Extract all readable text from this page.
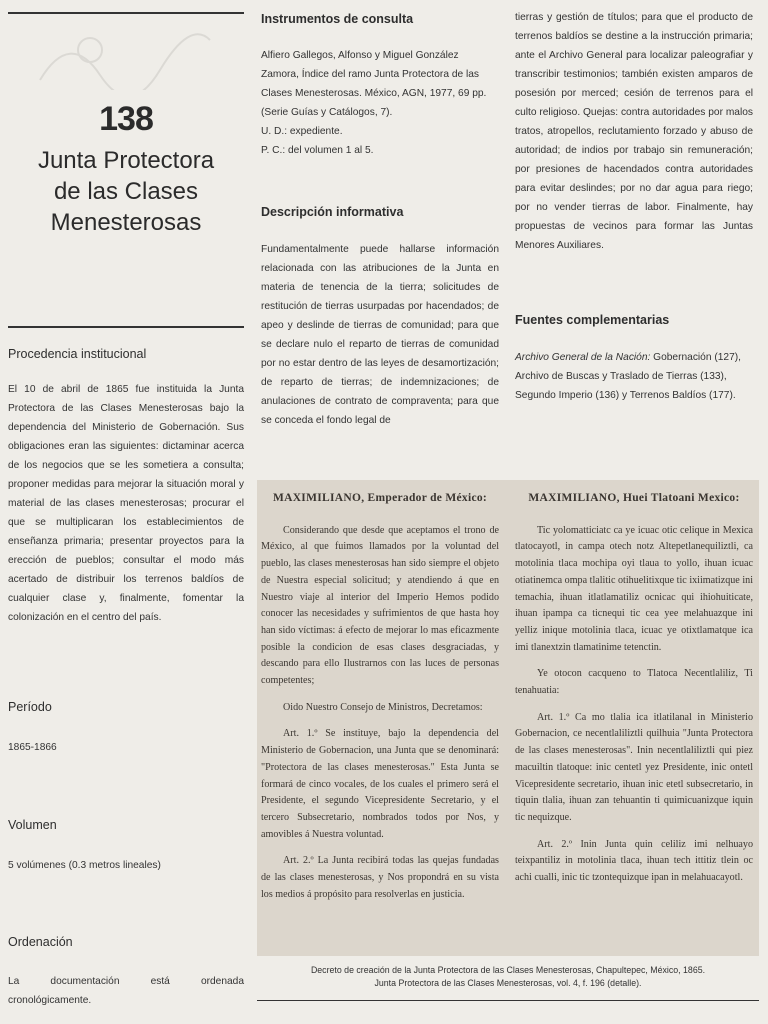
138
Junta Protectora
de las Clases
Menesterosas
Procedencia institucional
El 10 de abril de 1865 fue instituida la Junta Protectora de las Clases Menesterosas bajo la dependencia del Ministerio de Gobernación. Sus obligaciones eran las siguientes: dictaminar acerca de los negocios que se les sometiera a consulta; proponer medidas para mejorar la situación moral y material de las clases menesterosas; procurar el que se multiplicaran los establecimientos de enseñanza primaria; presentar proyectos para la erección de pueblos; consultar el modo más acertado de distribuir los terrenos baldíos de cualquier clase y, finalmente, fomentar la colonización en el centro del país.
Período
1865-1866
Volumen
5 volúmenes (0.3 metros lineales)
Ordenación
La documentación está ordenada cronológicamente.
Instrumentos de consulta
Alfiero Gallegos, Alfonso y Miguel González Zamora, Índice del ramo Junta Protectora de las Clases Menesterosas. México, AGN, 1977, 69 pp. (Serie Guías y Catálogos, 7).
U. D.: expediente.
P. C.: del volumen 1 al 5.
Descripción informativa
Fundamentalmente puede hallarse información relacionada con las atribuciones de la Junta en materia de tenencia de la tierra; solicitudes de restitución de tierras usurpadas por hacendados; de apeo y deslinde de tierras de comunidad; para que se declare nulo el reparto de tierras de comunidad por no estar dentro de las leyes de desamortización; de reparto de tierras; de indemnizaciones; de anulaciones de contrato de compraventa; para que se conceda el fondo legal de
tierras y gestión de títulos; para que el producto de terrenos baldíos se destine a la instrucción primaria; ante el Archivo General para localizar paleografiar y transcribir testimonios; también existen amparos de posesión por merced; cesión de terrenos para el culto religioso. Quejas: contra autoridades por malos tratos, atropellos, reclutamiento forzado y abuso de autoridad; de indios por trabajo sin remuneración; por presiones de hacendados contra autoridades para evitar deslindes; por no dar agua para riego; por no vender tierras de labor. Finalmente, hay propuestas de vecinos para formar las Juntas Menores Auxiliares.
Fuentes complementarias
Archivo General de la Nación: Gobernación (127), Archivo de Buscas y Traslado de Tierras (133), Segundo Imperio (136) y Terrenos Baldíos (177).
MAXIMILIANO, Emperador de México:

Considerando que desde que aceptamos el trono de México, al que fuimos llamados por la voluntad del pueblo, las clases menesterosas han sido siempre el objeto de Nuestra especial solicitud; y atendiendo á que en Nuestro viaje al interior del Imperio Hemos podido conocer las necesidades y sufrimientos de que hasta hoy han sido víctimas: á efecto de mejorar lo mas eficazmente posible la condicion de esas clases desgraciadas, y descando para ello Ilustrarnos con las luces de personas competentes;

Oido Nuestro Consejo de Ministros, Decretamos:

Art. 1.º Se instituye, bajo la dependencia del Ministerio de Gobernacion, una Junta que se denominará: "Protectora de las clases menesterosas." Esta Junta se formará de cinco vocales, de los cuales el primero será el Presidente, el segundo Vicepresidente Secretario, y el tercero Subsecretario, nombrados todos por Nos, y amovibles á Nuestra voluntad.

Art. 2.º La Junta recibirá todas las quejas fundadas de las clases menesterosas, y Nos propondrá en su vista los medios á propósito para resolverlas en justicia.

MAXIMILIANO, Huei Tlatoani Mexico:

Tic yolomatticiatc ca ye icuac otic celique in Mexica tlatocayotl, in campa otech notz Altepetlanequiliztli, ca motolinia tlaca mochipa oyi tlaua to yollo, ihuan icuac otiatinemca ompa tlalitic otihuelitixque tic ixiimatizque ini temachia, ihuan itlatlamatiliz ocnicac qui ihiohuiticate, ihuan ipampa ca ticnequi tic cea yee melahuazque ini yelliz inique motolinia tlaca, icuac ye otixtlamatque ica imi tlanextzin tlamatinime tetenctin.

Ye otocon cacqueno to Tlatoca Necentlaliliz, Ti tenahuatia:

Art. 1.º Ca mo tlalia ica itlatilanal in Ministerio Gobernacion, ce necentlaliliztli quilhuia "Junta Protectora de las clases menesterosas". Inin necentlaliliztli qui piez macuiltin tlatoque: inic centetl yez Presidente, inic ontetl Vicepresidente secretario, ihuan inic etetl subsecretario, in tiquin tlalia, ihuan zan tehuantin ti quimicuanizque iquin tic nequizque.

Art. 2.º Inin Junta quin celiliz imi nelhuayo teixpantiliz in motolinia tlaca, ihuan tech ittitiz tlein oc achi cualli, inic tic tzontequizque ipan in melahuacayotl.

Decreto de creación de la Junta Protectora de las Clases Menesterosas, Chapultepec, México, 1865.
Junta Protectora de las Clases Menesterosas, vol. 4, f. 196 (detalle).
